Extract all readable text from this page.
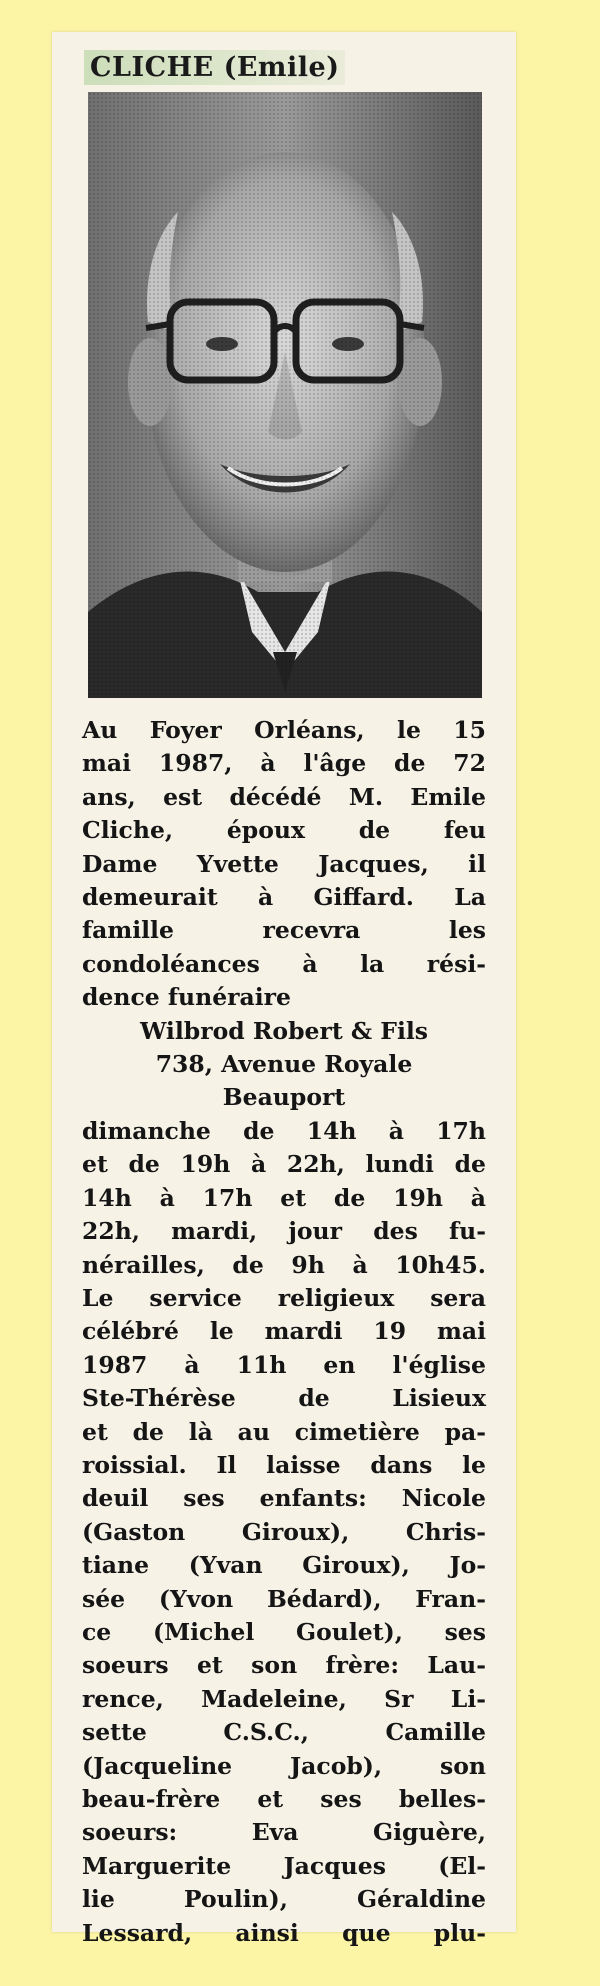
CLICHE (Emile)
Au Foyer Orléans, le 15
mai 1987, à l'âge de 72
ans, est décédé M. Emile
Cliche, époux de feu
Dame Yvette Jacques, il
demeurait à Giffard. La
famille recevra les
condoléances à la rési-
dence funéraire
Wilbrod Robert & Fils
738, Avenue Royale
Beauport
dimanche de 14h à 17h
et de 19h à 22h, lundi de
14h à 17h et de 19h à
22h, mardi, jour des fu-
nérailles, de 9h à 10h45.
Le service religieux sera
célébré le mardi 19 mai
1987 à 11h en l'église
Ste-Thérèse de Lisieux
et de là au cimetière pa-
roissial. Il laisse dans le
deuil ses enfants: Nicole
(Gaston Giroux), Chris-
tiane (Yvan Giroux), Jo-
sée (Yvon Bédard), Fran-
ce (Michel Goulet), ses
soeurs et son frère: Lau-
rence, Madeleine, Sr Li-
sette C.S.C., Camille
(Jacqueline Jacob), son
beau-frère et ses belles-
soeurs: Eva Giguère,
Marguerite Jacques (El-
lie Poulin), Géraldine
Lessard, ainsi que plu-
